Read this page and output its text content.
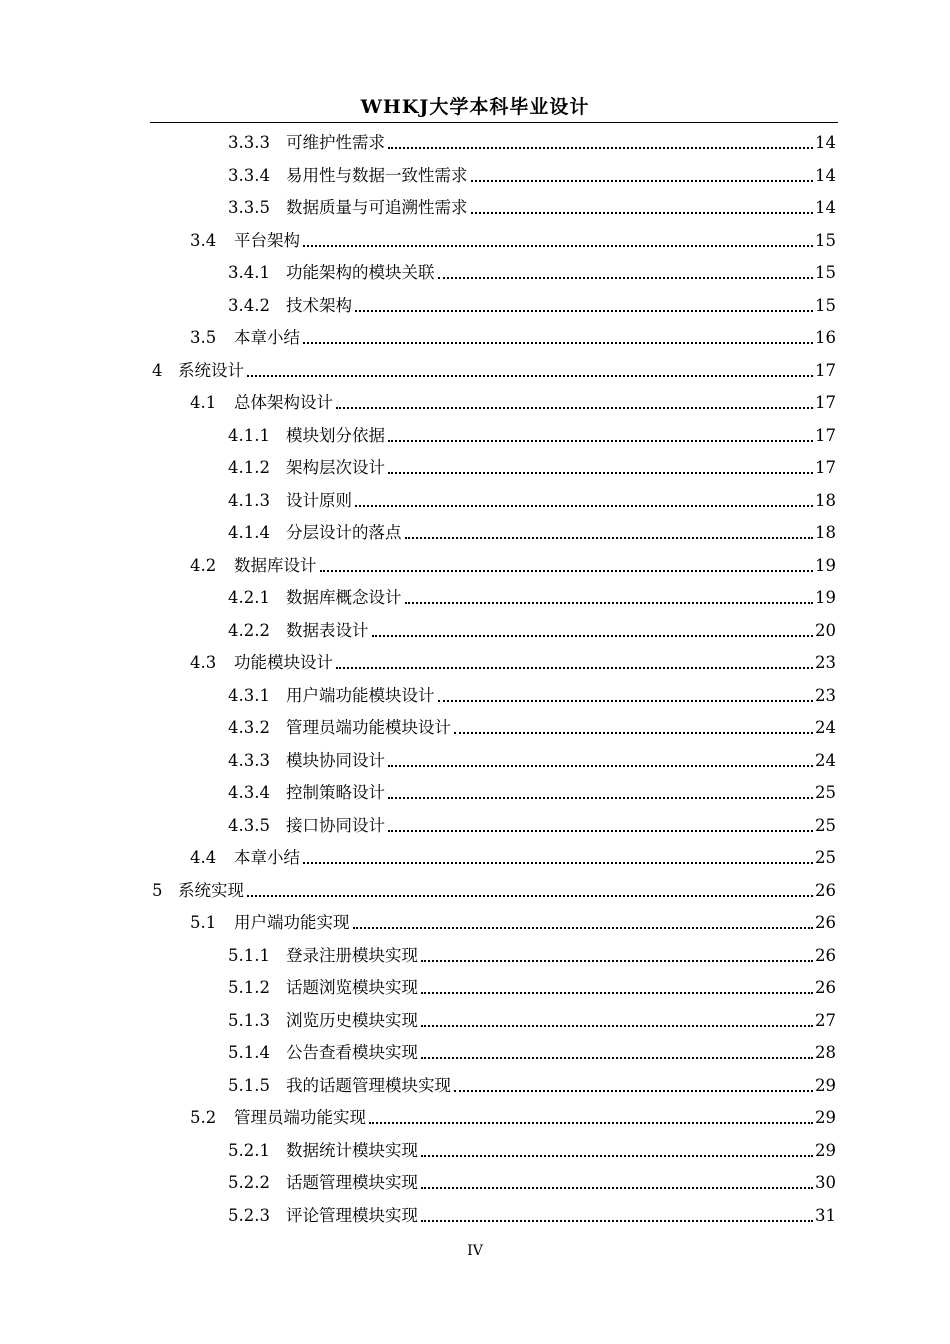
WHKJ大学本科毕业设计
3.3.3 可维护性需求	14
3.3.4 易用性与数据一致性需求	14
3.3.5 数据质量与可追溯性需求	14
3.4	平台架构	15
3.4.1 功能架构的模块关联	15
3.4.2 技术架构	15
3.5	本章小结	16
4 系统设计	17
4.1	总体架构设计	17
4.1.1 模块划分依据	17
4.1.2 架构层次设计	17
4.1.3 设计原则	18
4.1.4 分层设计的落点	18
4.2	数据库设计	19
4.2.1 数据库概念设计	19
4.2.2 数据表设计	20
4.3	功能模块设计	23
4.3.1 用户端功能模块设计	23
4.3.2 管理员端功能模块设计	24
4.3.3 模块协同设计	24
4.3.4 控制策略设计	25
4.3.5 接口协同设计	25
4.4	本章小结	25
5 系统实现	26
5.1	用户端功能实现	26
5.1.1 登录注册模块实现	26
5.1.2 话题浏览模块实现	26
5.1.3 浏览历史模块实现	27
5.1.4 公告查看模块实现	28
5.1.5 我的话题管理模块实现	29
5.2	管理员端功能实现	29
5.2.1 数据统计模块实现	29
5.2.2 话题管理模块实现	30
5.2.3 评论管理模块实现	31
IV
